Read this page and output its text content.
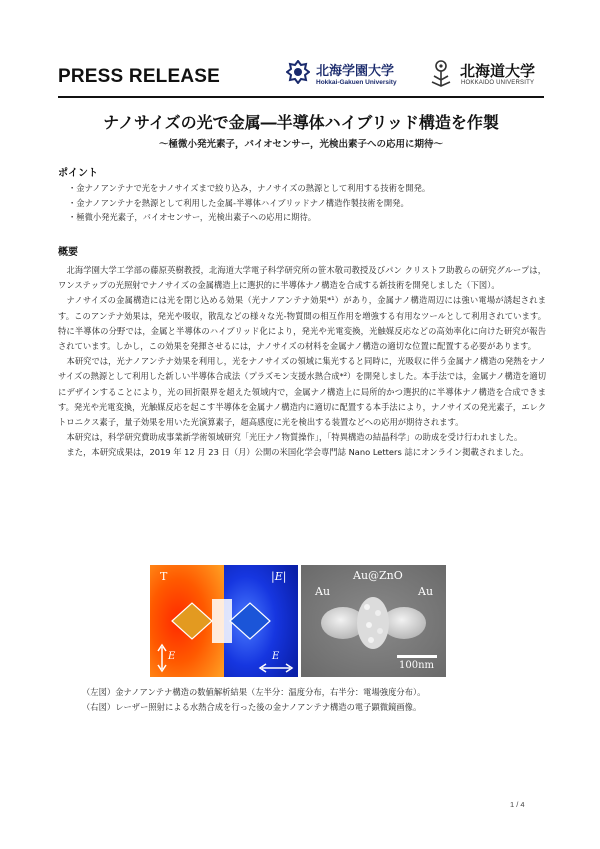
PRESS RELEASE	北海学園大学
Hokkai-Gakuen University
北海道大学
HOKKAIDO UNIVERSITY
ナノサイズの光で金属―半導体ハイブリッド構造を作製
～極微小発光素子，バイオセンサー，光検出素子への応用に期待～
ポイント
・金ナノアンテナで光をナノサイズまで絞り込み，ナノサイズの熱源として利用する技術を開発。
・金ナノアンテナを熱源として利用した金属-半導体ハイブリッドナノ構造作製技術を開発。
・極微小発光素子，バイオセンサー，光検出素子への応用に期待。
概要

北海学園大学工学部の藤原英樹教授，北海道大学電子科学研究所の笹木敬司教授及びパン クリストフ助教らの研究グループは，ワンステップの光照射でナノサイズの金属構造上に選択的に半導体ナノ構造を合成する新技術を開発しました（下図）。

ナノサイズの金属構造には光を閉じ込める効果（光ナノアンテナ効果*¹）があり，金属ナノ構造周辺には強い電場が誘起されます。このアンテナ効果は，発光や吸収，散乱などの様々な光-物質間の相互作用を増強する有用なツールとして利用されています。特に半導体の分野では，金属と半導体のハイブリッド化により，発光や光電変換，光触媒反応などの高効率化に向けた研究が報告されています。しかし，この効果を発揮させるには，ナノサイズの材料を金属ナノ構造の適切な位置に配置する必要があります。

本研究では，光ナノアンテナ効果を利用し，光をナノサイズの領域に集光すると同時に，光吸収に伴う金属ナノ構造の発熱をナノサイズの熱源として利用した新しい半導体合成法（プラズモン支援水熱合成*²）を開発しました。本手法では，金属ナノ構造を適切にデザインすることにより，光の回折限界を超えた領域内で，金属ナノ構造上に局所的かつ選択的に半導体ナノ構造を合成できます。発光や光電変換，光触媒反応を起こす半導体を金属ナノ構造内に適切に配置する本手法により，ナノサイズの発光素子，エレクトロニクス素子，量子効果を用いた光演算素子，超高感度に光を検出する装置などへの応用が期待されます。

本研究は，科学研究費助成事業新学術領域研究「光圧ナノ物質操作」，「特異構造の結晶科学」の助成を受け行われました。

また，本研究成果は，2019 年 12 月 23 日（月）公開の米国化学会専門誌 Nano Letters 誌にオンライン掲載されました。

T	|E|
E	E
Au@ZnO
Au	Au
100nm
（左図）金ナノアンテナ構造の数値解析結果（左半分：温度分布，右半分：電場強度分布）。
（右図）レーザー照射による水熱合成を行った後の金ナノアンテナ構造の電子顕微鏡画像。
1 / 4
